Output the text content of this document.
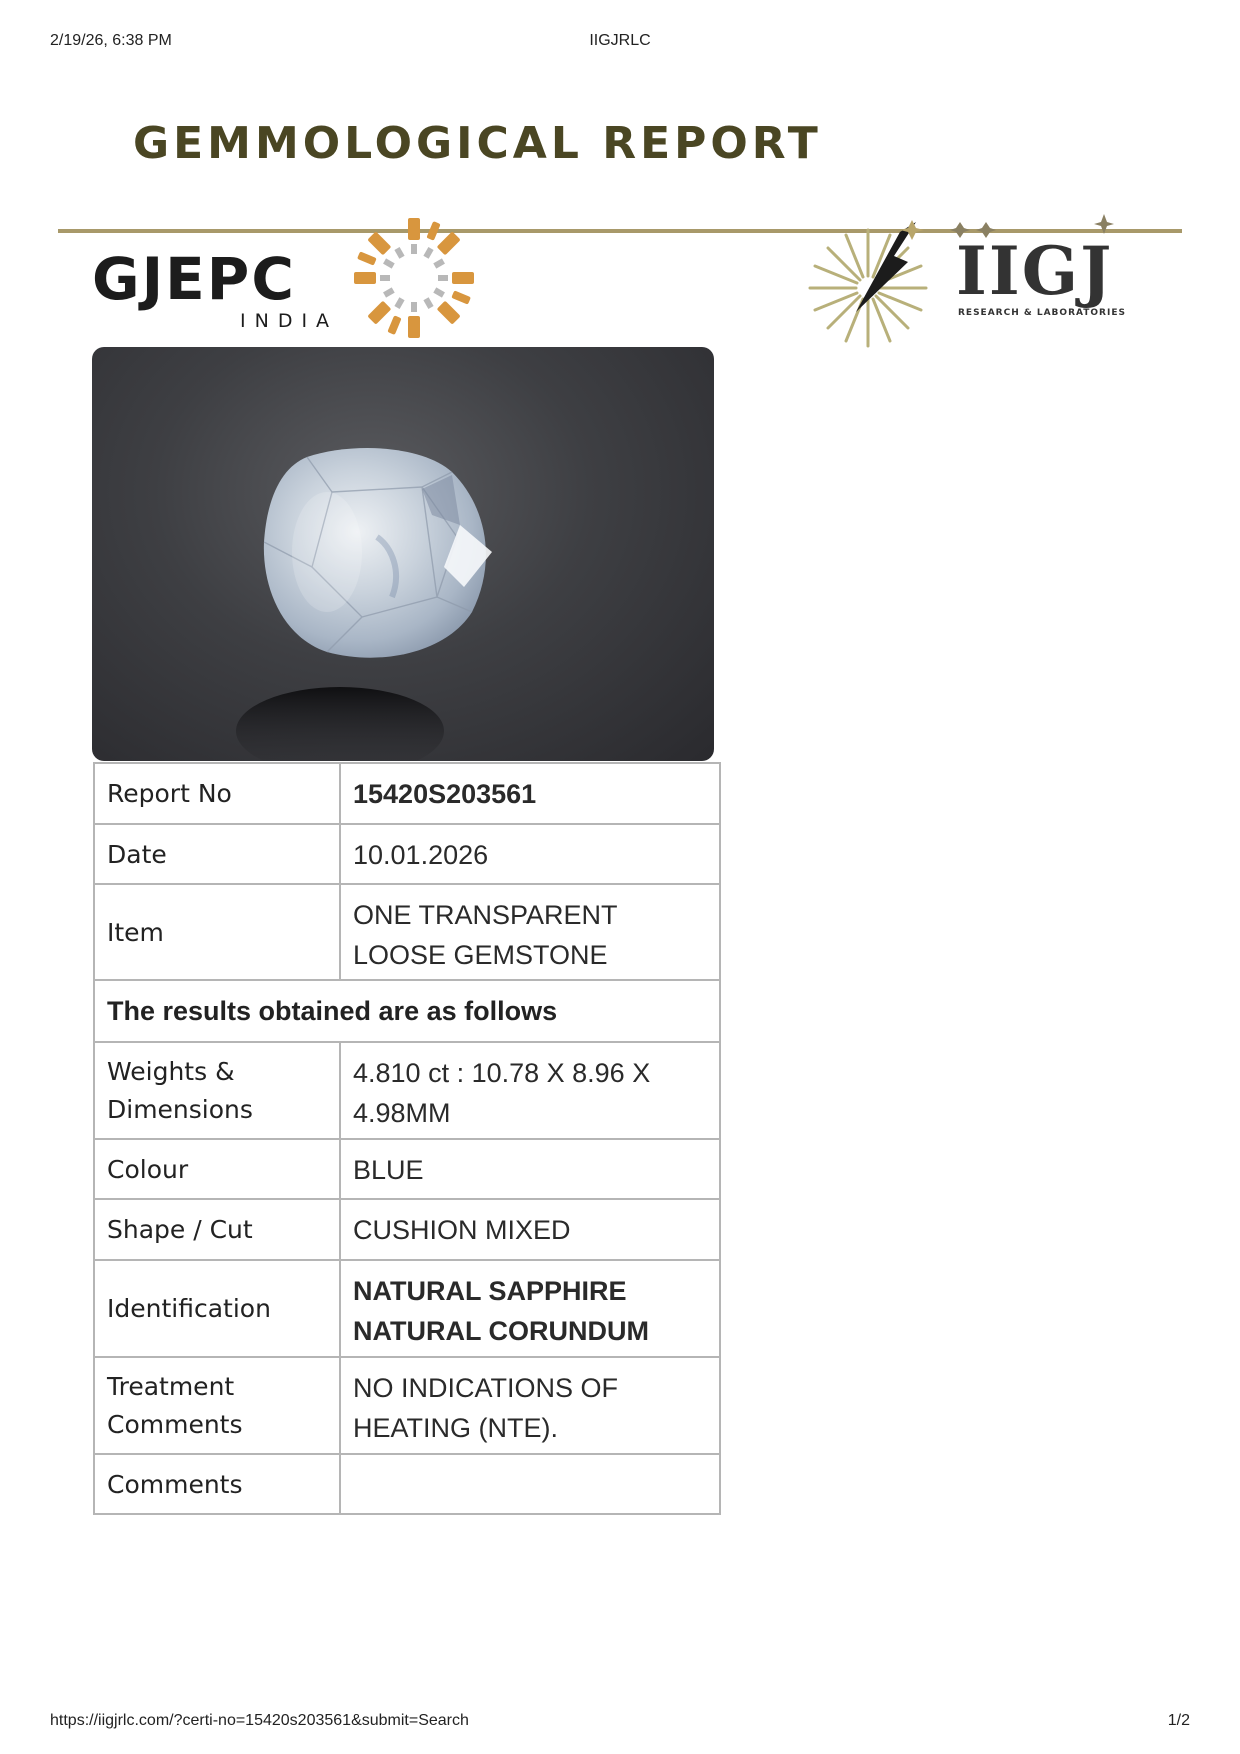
2/19/26, 6:38 PM	IIGJRLC
GEMMOLOGICAL REPORT
GJEPC
INDIA
IIGJ
RESEARCH & LABORATORIES
Report No	15420S203561
Date	10.01.2026
Item	ONE TRANSPARENT
LOOSE GEMSTONE
The results obtained are as follows	
Weights &
Dimensions	4.810 ct : 10.78 X 8.96 X
4.98MM
Colour	BLUE
Shape / Cut	CUSHION MIXED
Identification	NATURAL SAPPHIRE
NATURAL CORUNDUM
Treatment
Comments	NO INDICATIONS OF
HEATING (NTE).
Comments	
https://iigjrlc.com/?certi-no=15420s203561&submit=Search	1/2
